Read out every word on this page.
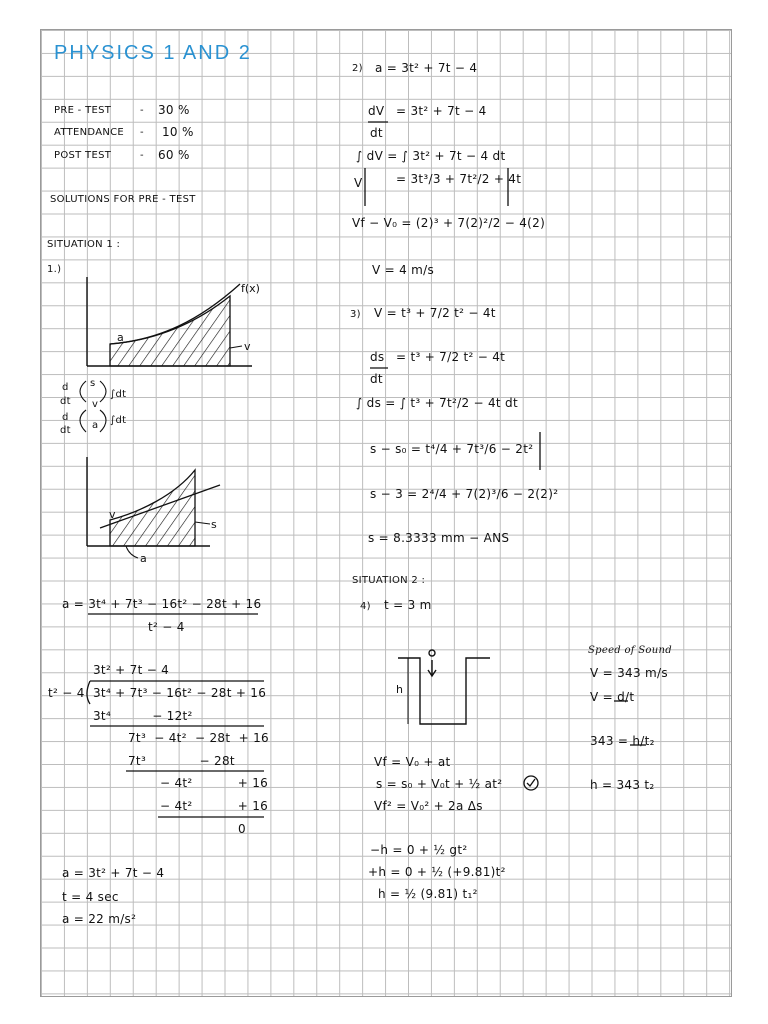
PHYSICS 1 AND 2
PRE - TEST	- 30 %
ATTENDANCE - 10 %
POST TEST	- 60 %
SOLUTIONS FOR PRE - TEST
SITUATION 1 :
1.)
d
dt
d
dt
s
v
a
∫dt
∫dt
a = 3t⁴ + 7t³ − 16t² − 28t + 16
t² − 4
3t² + 7t − 4
t² − 4 3t⁴ + 7t³ − 16t² − 28t + 16
3t⁴          − 12t²
7t³  − 4t²  − 28t  + 16
7t³             − 28t
− 4t²           + 16
− 4t²           + 16
0
a = 3t² + 7t − 4
t = 4 sec
a = 22 m/s²
2) a = 3t² + 7t − 4
dV
dt
= 3t² + 7t − 4
∫ dV = ∫ 3t² + 7t − 4 dt
V	= 3t³/3 + 7t²/2 + 4t
Vf − V₀ = (2)³ + 7(2)²/2 − 4(2)
V = 4 m/s
3) V = t³ + 7/2 t² − 4t
ds
dt
= t³ + 7/2 t² − 4t
∫ ds = ∫ t³ + 7t²/2 − 4t dt
s − s₀ = t⁴/4 + 7t³/6 − 2t²
s − 3 = 2⁴/4 + 7(2)³/6 − 2(2)²
s = 8.3333 mm − ANS
SITUATION 2 :
4) t = 3 m
Speed of Sound
V = 343 m/s
V = d/t
343 = h/t₂
h = 343 t₂
Vf = V₀ + at
s = s₀ + V₀t + ½ at²
Vf² = V₀² + 2a Δs
−h = 0 + ½ gt²
+h = 0 + ½ (+9.81)t²
h = ½ (9.81) t₁²
a
f(x)
v
v
s
a
h
